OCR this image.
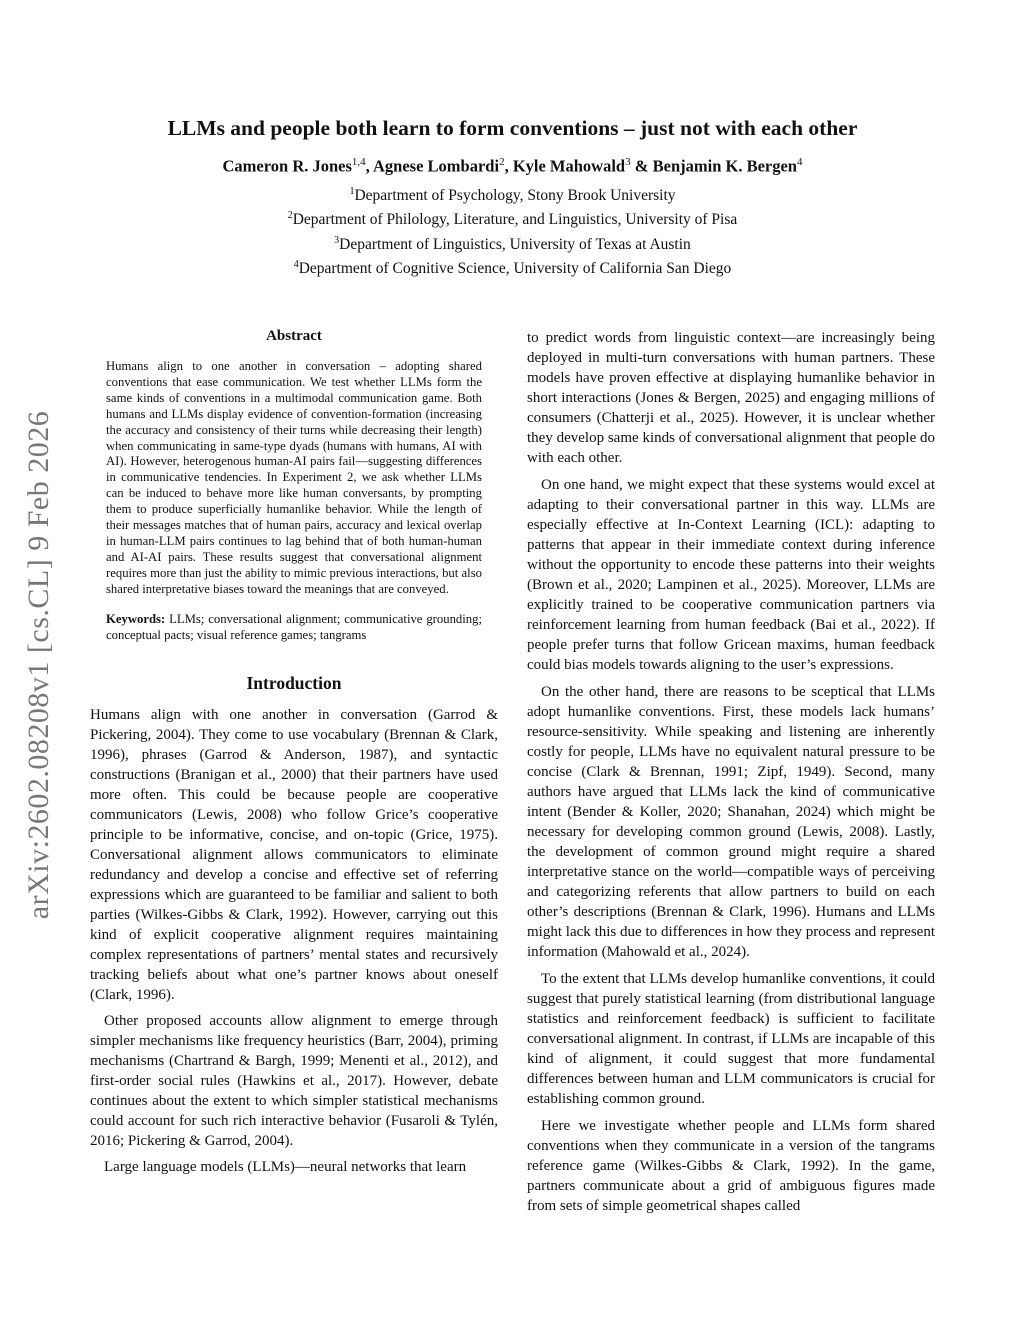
arXiv:2602.08208v1 [cs.CL] 9 Feb 2026
LLMs and people both learn to form conventions – just not with each other

Cameron R. Jones$^{1,4}$, Agnese Lombardi$^2$, Kyle Mahowald$^3$ & Benjamin K. Bergen$^4$

$^1$Department of Psychology, Stony Brook University

$^2$Department of Philology, Literature, and Linguistics, University of Pisa

$^3$Department of Linguistics, University of Texas at Austin

$^4$Department of Cognitive Science, University of California San Diego

Abstract

Humans align to one another in conversation – adopting shared conventions that ease communication. We test whether LLMs form the same kinds of conventions in a multimodal communication game. Both humans and LLMs display evidence of convention-formation (increasing the accuracy and consistency of their turns while decreasing their length) when communicating in same-type dyads (humans with humans, AI with AI). However, heterogenous human-AI pairs fail—suggesting differences in communicative tendencies. In Experiment 2, we ask whether LLMs can be induced to behave more like human conversants, by prompting them to produce superficially humanlike behavior. While the length of their messages matches that of human pairs, accuracy and lexical overlap in human-LLM pairs continues to lag behind that of both human-human and AI-AI pairs. These results suggest that conversational alignment requires more than just the ability to mimic previous interactions, but also shared interpretative biases toward the meanings that are conveyed.

Keywords: LLMs; conversational alignment; communicative grounding; conceptual pacts; visual reference games; tangrams

Introduction

Humans align with one another in conversation (Garrod & Pickering, 2004). They come to use vocabulary (Brennan & Clark, 1996), phrases (Garrod & Anderson, 1987), and syntactic constructions (Branigan et al., 2000) that their partners have used more often. This could be because people are cooperative communicators (Lewis, 2008) who follow Grice’s cooperative principle to be informative, concise, and on-topic (Grice, 1975). Conversational alignment allows communicators to eliminate redundancy and develop a concise and effective set of referring expressions which are guaranteed to be familiar and salient to both parties (Wilkes-Gibbs & Clark, 1992). However, carrying out this kind of explicit cooperative alignment requires maintaining complex representations of partners’ mental states and recursively tracking beliefs about what one’s partner knows about oneself (Clark, 1996).

Other proposed accounts allow alignment to emerge through simpler mechanisms like frequency heuristics (Barr, 2004), priming mechanisms (Chartrand & Bargh, 1999; Menenti et al., 2012), and first-order social rules (Hawkins et al., 2017). However, debate continues about the extent to which simpler statistical mechanisms could account for such rich interactive behavior (Fusaroli & Tylén, 2016; Pickering & Garrod, 2004).

Large language models (LLMs)—neural networks that learn

to predict words from linguistic context—are increasingly being deployed in multi-turn conversations with human partners. These models have proven effective at displaying humanlike behavior in short interactions (Jones & Bergen, 2025) and engaging millions of consumers (Chatterji et al., 2025). However, it is unclear whether they develop same kinds of conversational alignment that people do with each other.

On one hand, we might expect that these systems would excel at adapting to their conversational partner in this way. LLMs are especially effective at In-Context Learning (ICL): adapting to patterns that appear in their immediate context during inference without the opportunity to encode these patterns into their weights (Brown et al., 2020; Lampinen et al., 2025). Moreover, LLMs are explicitly trained to be cooperative communication partners via reinforcement learning from human feedback (Bai et al., 2022). If people prefer turns that follow Gricean maxims, human feedback could bias models towards aligning to the user’s expressions.

On the other hand, there are reasons to be sceptical that LLMs adopt humanlike conventions. First, these models lack humans’ resource-sensitivity. While speaking and listening are inherently costly for people, LLMs have no equivalent natural pressure to be concise (Clark & Brennan, 1991; Zipf, 1949). Second, many authors have argued that LLMs lack the kind of communicative intent (Bender & Koller, 2020; Shanahan, 2024) which might be necessary for developing common ground (Lewis, 2008). Lastly, the development of common ground might require a shared interpretative stance on the world—compatible ways of perceiving and categorizing referents that allow partners to build on each other’s descriptions (Brennan & Clark, 1996). Humans and LLMs might lack this due to differences in how they process and represent information (Mahowald et al., 2024).

To the extent that LLMs develop humanlike conventions, it could suggest that purely statistical learning (from distributional language statistics and reinforcement feedback) is sufficient to facilitate conversational alignment. In contrast, if LLMs are incapable of this kind of alignment, it could suggest that more fundamental differences between human and LLM communicators is crucial for establishing common ground.

Here we investigate whether people and LLMs form shared conventions when they communicate in a version of the tangrams reference game (Wilkes-Gibbs & Clark, 1992). In the game, partners communicate about a grid of ambiguous figures made from sets of simple geometrical shapes called
